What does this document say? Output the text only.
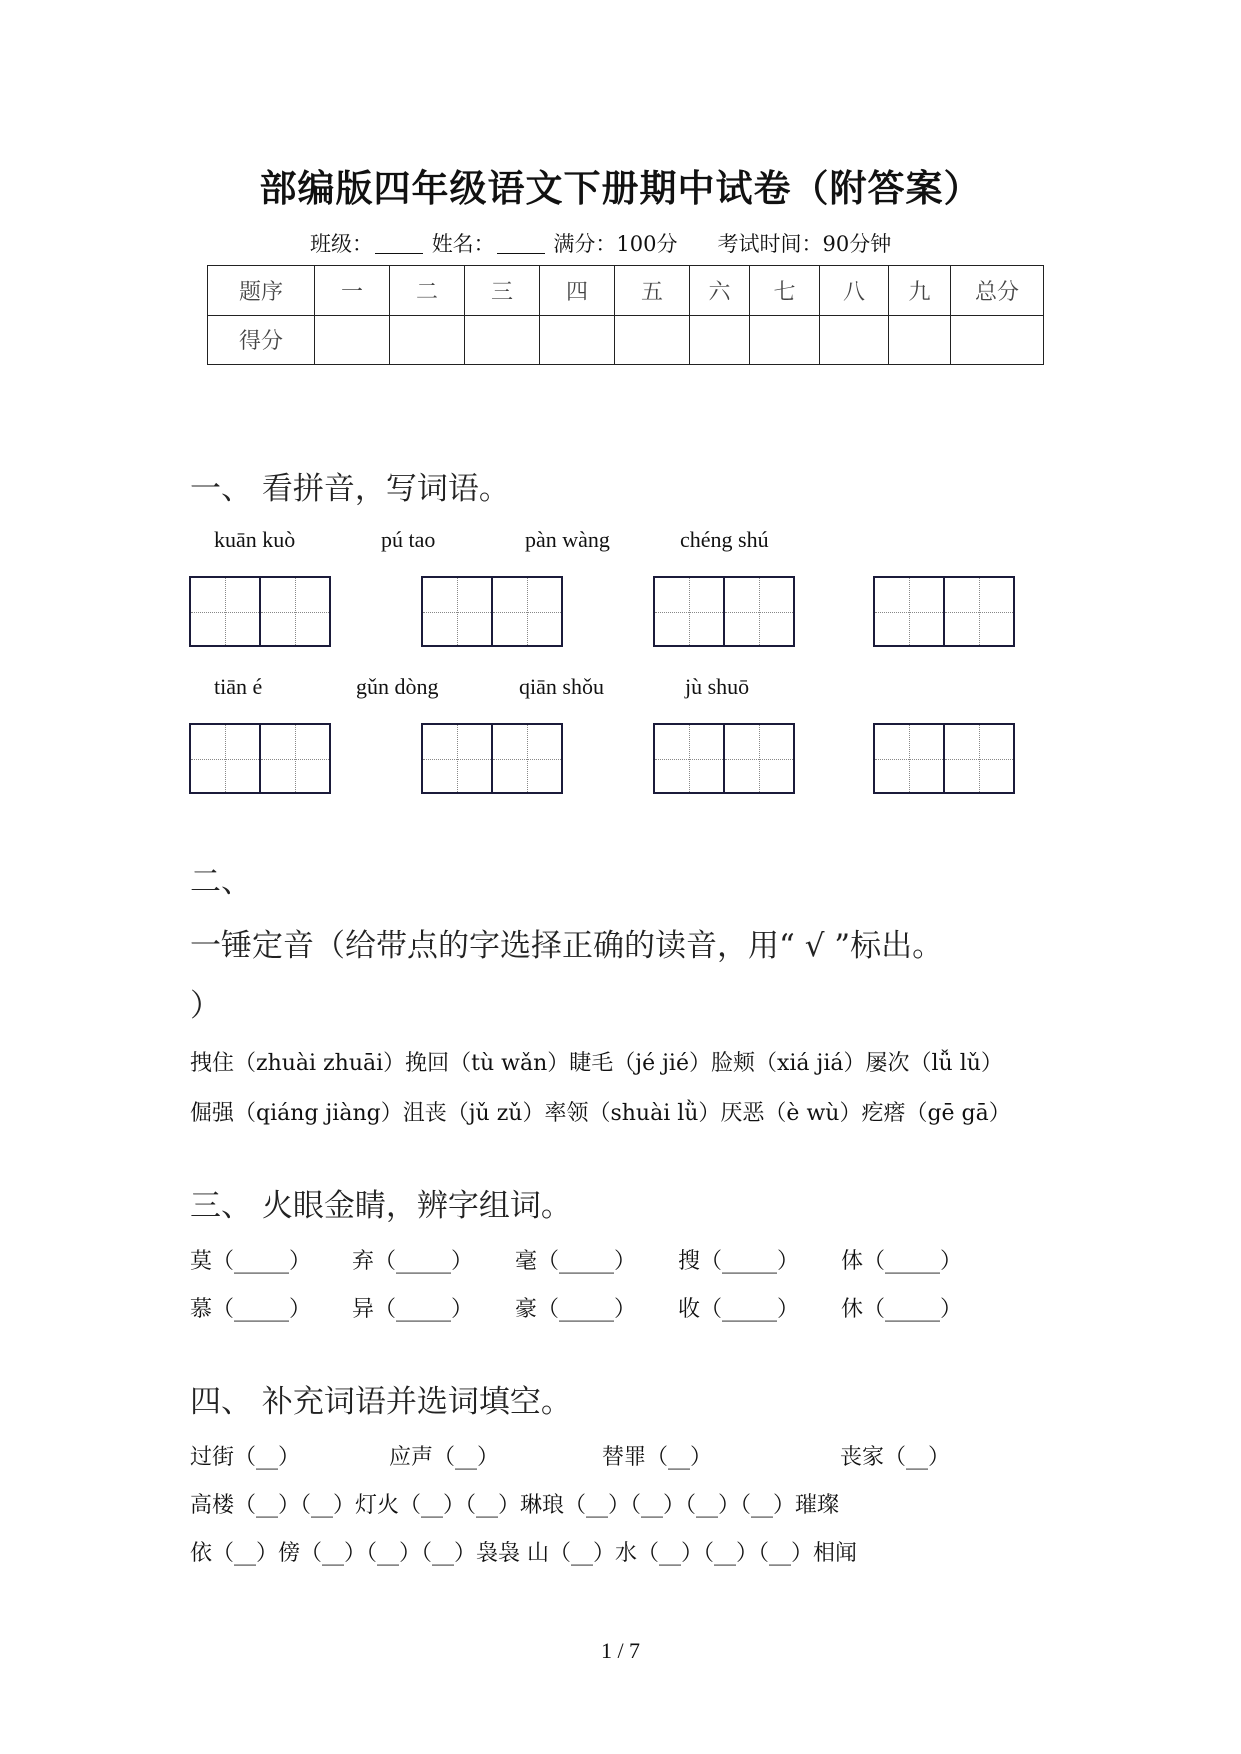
部编版四年级语文下册期中试卷（附答案）
班级：	姓名：	满分：100分 考试时间：90分钟
题序	一	二	三	四	五	六	七	八	九	总分
得分										
一、 看拼音，写词语。
kuān kuò	pú tao	pàn wàng	chéng shú
tiān é	gǔn dòng	qiān shǒu	jù shuō
二、
一锤定音（给带点的字选择正确的读音，用“ √ ”标出。
）
拽住（zhuài zhuāi）挽回（tù wǎn）睫毛（jé jié）脸颊（xiá jiá）屡次（lǚ lǔ）
倔强（qiáng jiàng）沮丧（jǔ zǔ）率领（shuài lǜ）厌恶（è wù）疙瘩（gē gā）
三、 火眼金睛，辨字组词。
莫（_____） 弃（_____） 毫（_____） 搜（_____） 体（_____）
慕（_____） 异（_____） 豪（_____） 收（_____） 休（_____）
四、 补充词语并选词填空。
过街（__）	应声（__）	替罪（__）	丧家（__）
高楼（__）（__）灯火（__）（__）琳琅（__）（__）（__）（__）璀璨
依（__）傍（__）（__）（__）袅袅 山（__）水（__）（__）（__）相闻
1 / 7
